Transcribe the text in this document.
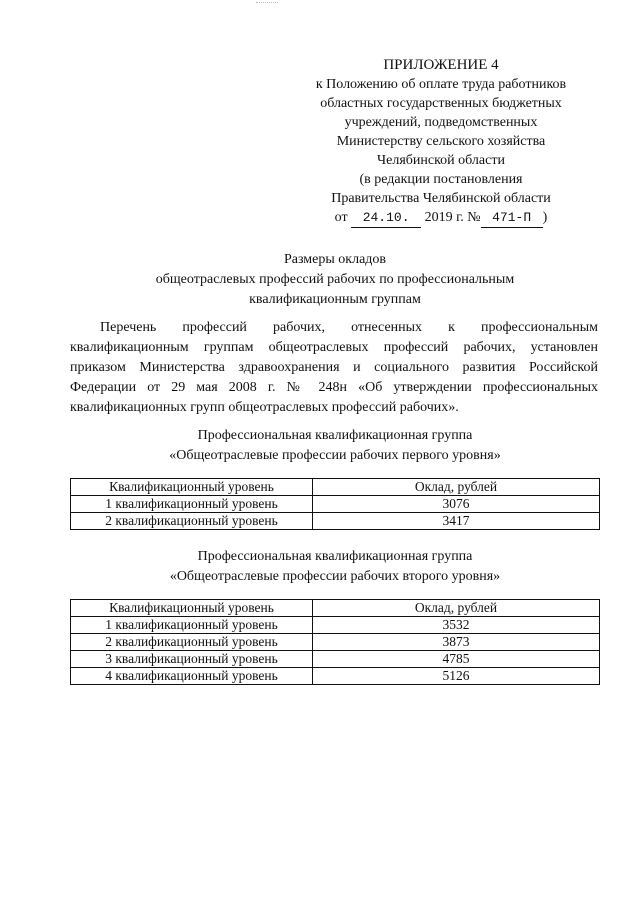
ПРИЛОЖЕНИЕ 4
к Положению об оплате труда работников
областных государственных бюджетных
учреждений, подведомственных
Министерству сельского хозяйства
Челябинской области
(в редакции постановления
Правительства Челябинской области
от 24.10. 2019 г. № 471-П )
Размеры окладов
общеотраслевых профессий рабочих по профессиональным
квалификационным группам

Перечень профессий рабочих, отнесенных к профессиональным квалификационным группам общеотраслевых профессий рабочих, установлен приказом Министерства здравоохранения и социального развития Российской Федерации от 29 мая 2008 г. № 248н «Об утверждении профессиональных квалификационных групп общеотраслевых профессий рабочих».

Профессиональная квалификационная группа
«Общеотраслевые профессии рабочих первого уровня»
Квалификационный уровень	Оклад, рублей
1 квалификационный уровень	3076
2 квалификационный уровень	3417
Профессиональная квалификационная группа
«Общеотраслевые профессии рабочих второго уровня»
Квалификационный уровень	Оклад, рублей
1 квалификационный уровень	3532
2 квалификационный уровень	3873
3 квалификационный уровень	4785
4 квалификационный уровень	5126
